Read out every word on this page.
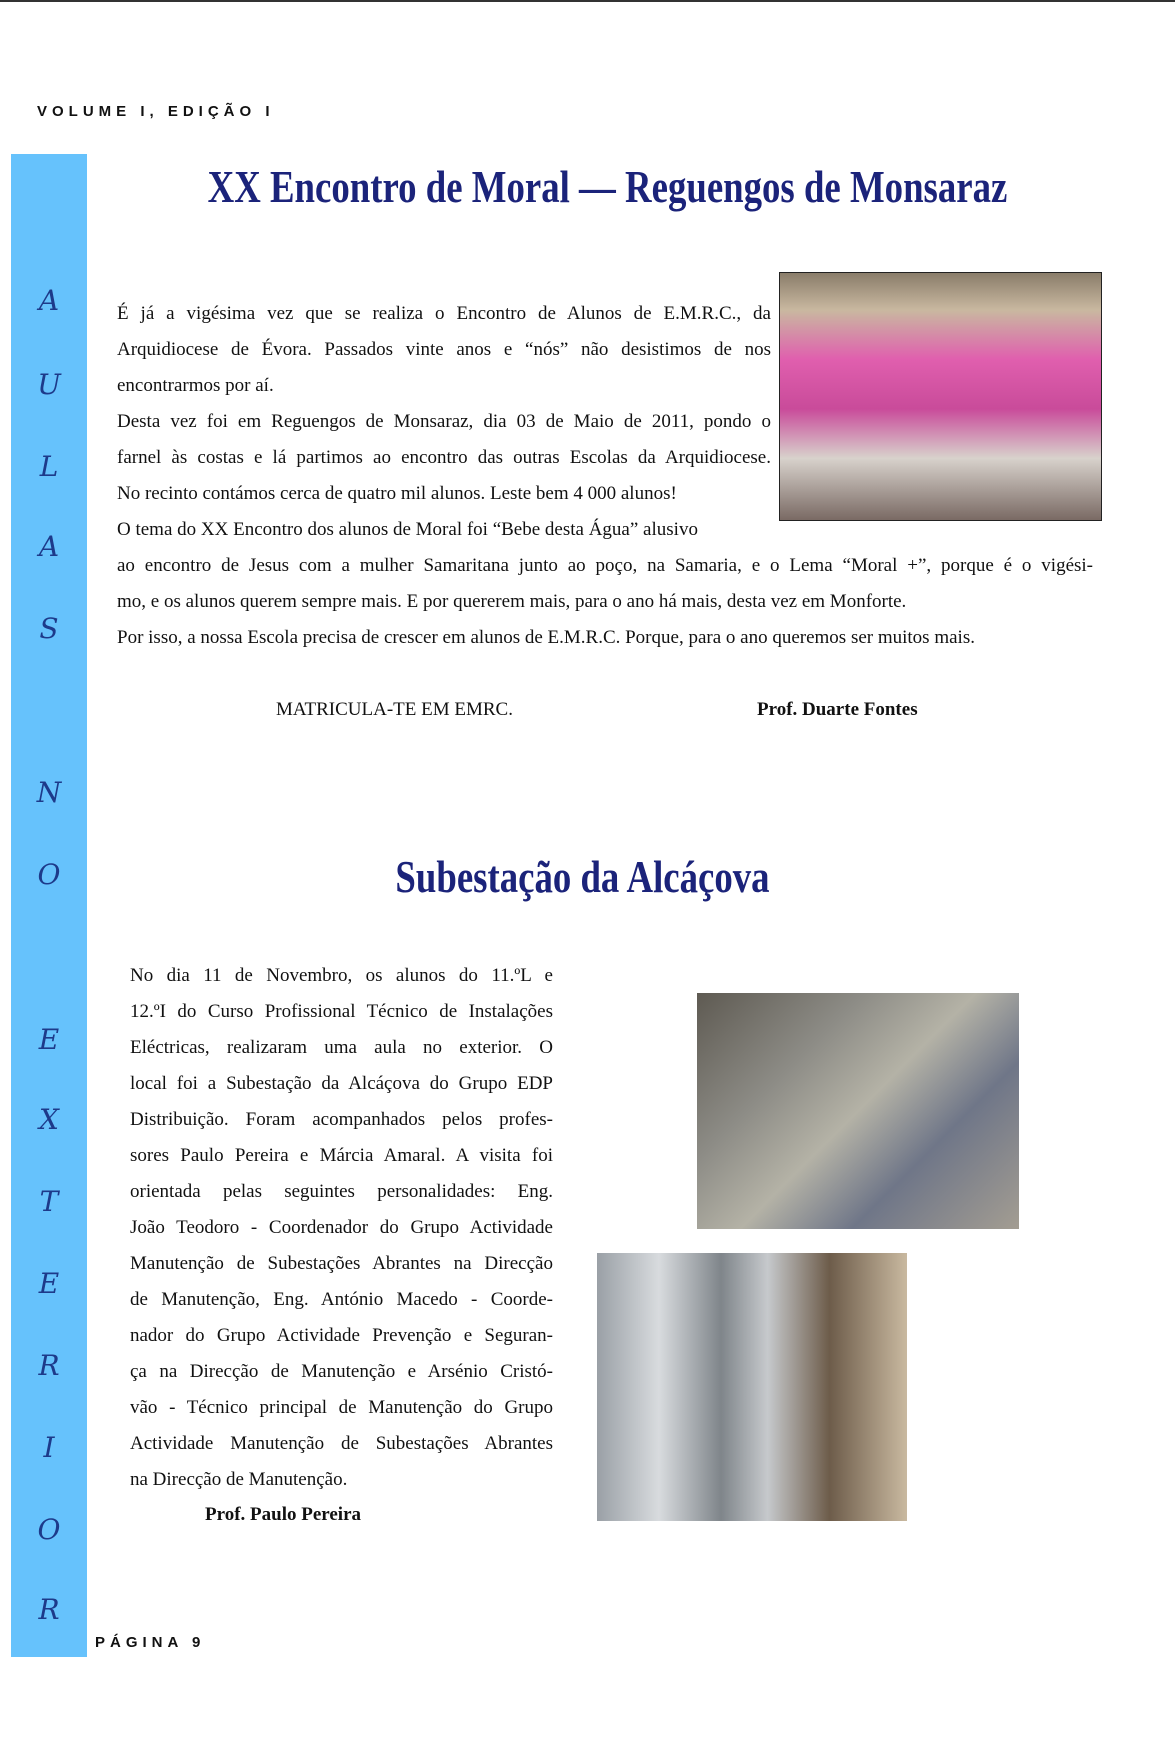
VOLUME I, EDIÇÃO I
A
U
L
A
S
N
O
E
X
T
E
R
I
O
R
XX Encontro de Moral — Reguengos de Monsaraz
É já a vigésima vez que se realiza o Encontro de Alunos de E.M.R.C., da
Arquidiocese de Évora. Passados vinte anos e “nós” não desistimos de nos
encontrarmos por aí.
Desta vez foi em Reguengos de Monsaraz, dia 03 de Maio de 2011, pondo o
farnel às costas e lá partimos ao encontro das outras Escolas da Arquidiocese.
No recinto contámos cerca de quatro mil alunos. Leste bem 4 000 alunos!
O tema do XX Encontro dos alunos de Moral foi “Bebe desta Água” alusivo
ao encontro de Jesus com a mulher Samaritana junto ao poço, na Samaria, e o Lema “Moral +”, porque é o vigési-
mo, e os alunos querem sempre mais. E por quererem mais, para o ano há mais, desta vez em Monforte.
Por isso, a nossa Escola precisa de crescer em alunos de E.M.R.C. Porque, para o ano queremos ser muitos mais.
MATRICULA-TE EM EMRC.	Prof. Duarte Fontes
Subestação da Alcáçova
No dia 11 de Novembro, os alunos do 11.ºL e
12.ºI do Curso Profissional Técnico de Instalações
Eléctricas, realizaram uma aula no exterior. O
local foi a Subestação da Alcáçova do Grupo EDP
Distribuição. Foram acompanhados pelos profes-
sores Paulo Pereira e Márcia Amaral. A visita foi
orientada pelas seguintes personalidades: Eng.
João Teodoro - Coordenador do Grupo Actividade
Manutenção de Subestações Abrantes na Direcção
de Manutenção, Eng. António Macedo - Coorde-
nador do Grupo Actividade Prevenção e Seguran-
ça na Direcção de Manutenção e Arsénio Cristó-
vão - Técnico principal de Manutenção do Grupo
Actividade Manutenção de Subestações Abrantes
na Direcção de Manutenção.
Prof. Paulo Pereira
PÁGINA 9
